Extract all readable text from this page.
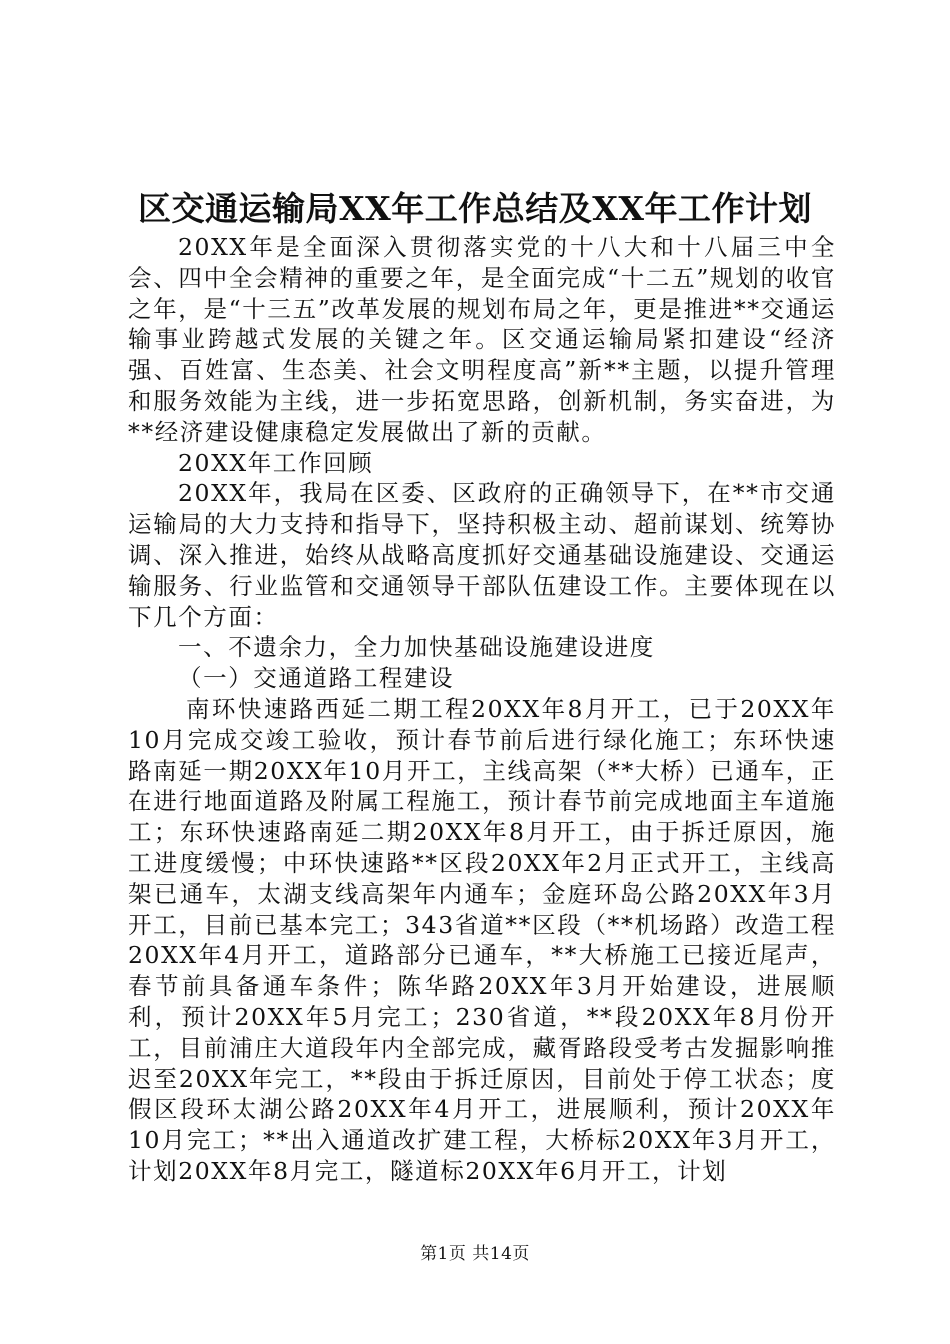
区交通运输局XX年工作总结及XX年工作计划

20XX年是全面深入贯彻落实党的十八大和十八届三中全会、四中全会精神的重要之年，是全面完成“十二五”规划的收官之年，是“十三五”改革发展的规划布局之年，更是推进**交通运输事业跨越式发展的关键之年。区交通运输局紧扣建设“经济强、百姓富、生态美、社会文明程度高”新**主题，以提升管理和服务效能为主线，进一步拓宽思路，创新机制，务实奋进，为**经济建设健康稳定发展做出了新的贡献。

20XX年工作回顾

20XX年，我局在区委、区政府的正确领导下，在**市交通运输局的大力支持和指导下，坚持积极主动、超前谋划、统筹协调、深入推进，始终从战略高度抓好交通基础设施建设、交通运输服务、行业监管和交通领导干部队伍建设工作。主要体现在以下几个方面：

一、不遗余力，全力加快基础设施建设进度

（一）交通道路工程建设

南环快速路西延二期工程20XX年8月开工，已于20XX年10月完成交竣工验收，预计春节前后进行绿化施工；东环快速路南延一期20XX年10月开工，主线高架（**大桥）已通车，正在进行地面道路及附属工程施工，预计春节前完成地面主车道施工；东环快速路南延二期20XX年8月开工，由于拆迁原因，施工进度缓慢；中环快速路**区段20XX年2月正式开工，主线高架已通车，太湖支线高架年内通车；金庭环岛公路20XX年3月开工，目前已基本完工；343省道**区段（**机场路）改造工程20XX年4月开工，道路部分已通车，**大桥施工已接近尾声，春节前具备通车条件；陈华路20XX年3月开始建设，进展顺利，预计20XX年5月完工；230省道，**段20XX年8月份开工，目前浦庄大道段年内全部完成，藏胥路段受考古发掘影响推迟至20XX年完工，**段由于拆迁原因，目前处于停工状态；度假区段环太湖公路20XX年4月开工，进展顺利，预计20XX年10月完工；**出入通道改扩建工程，大桥标20XX年3月开工，计划20XX年8月完工，隧道标20XX年6月开工，计划

第1页 共14页
